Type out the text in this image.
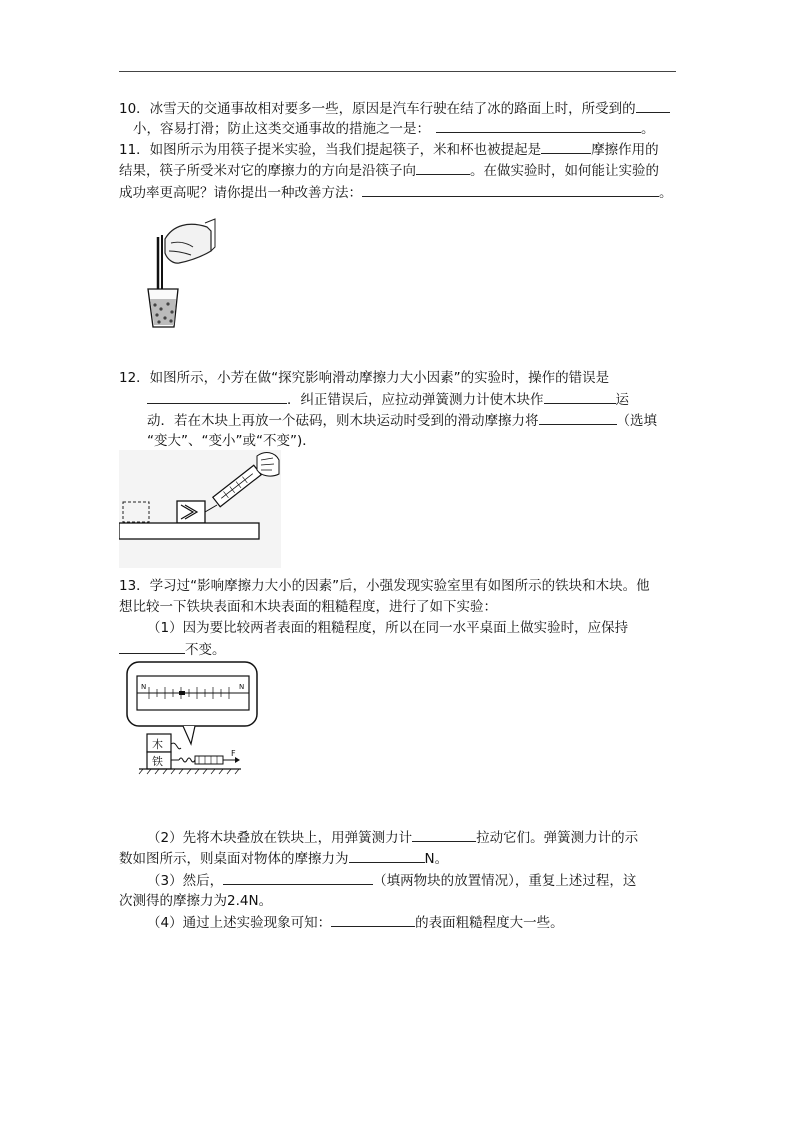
10．冰雪天的交通事故相对要多一些，原因是汽车行驶在结了冰的路面上时，所受到的
小，容易打滑；防止这类交通事故的措施之一是：	。
11．如图所示为用筷子提米实验，当我们提起筷子，米和杯也被提起是	摩擦作用的
结果，筷子所受米对它的摩擦力的方向是沿筷子向	。在做实验时，如何能让实验的
成功率更高呢？请你提出一种改善方法：	。
12．如图所示，小芳在做“探究影响滑动摩擦力大小因素”的实验时，操作的错误是
．纠正错误后，应拉动弹簧测力计使木块作	运
动．若在木块上再放一个砝码，则木块运动时受到的滑动摩擦力将	（选填
“变大”、“变小”或“不变”)．
13．学习过“影响摩擦力大小的因素”后，小强发现实验室里有如图所示的铁块和木块。他
想比较一下铁块表面和木块表面的粗糙程度，进行了如下实验：
（1）因为要比较两者表面的粗糙程度，所以在同一水平桌面上做实验时，应保持
不变。
N	N
木
铁
F
（2）先将木块叠放在铁块上，用弹簧测力计	拉动它们。弹簧测力计的示
数如图所示，则桌面对物体的摩擦力为	N。
（3）然后，	（填两物块的放置情况），重复上述过程，这
次测得的摩擦力为2.4N。
（4）通过上述实验现象可知：	的表面粗糙程度大一些。
